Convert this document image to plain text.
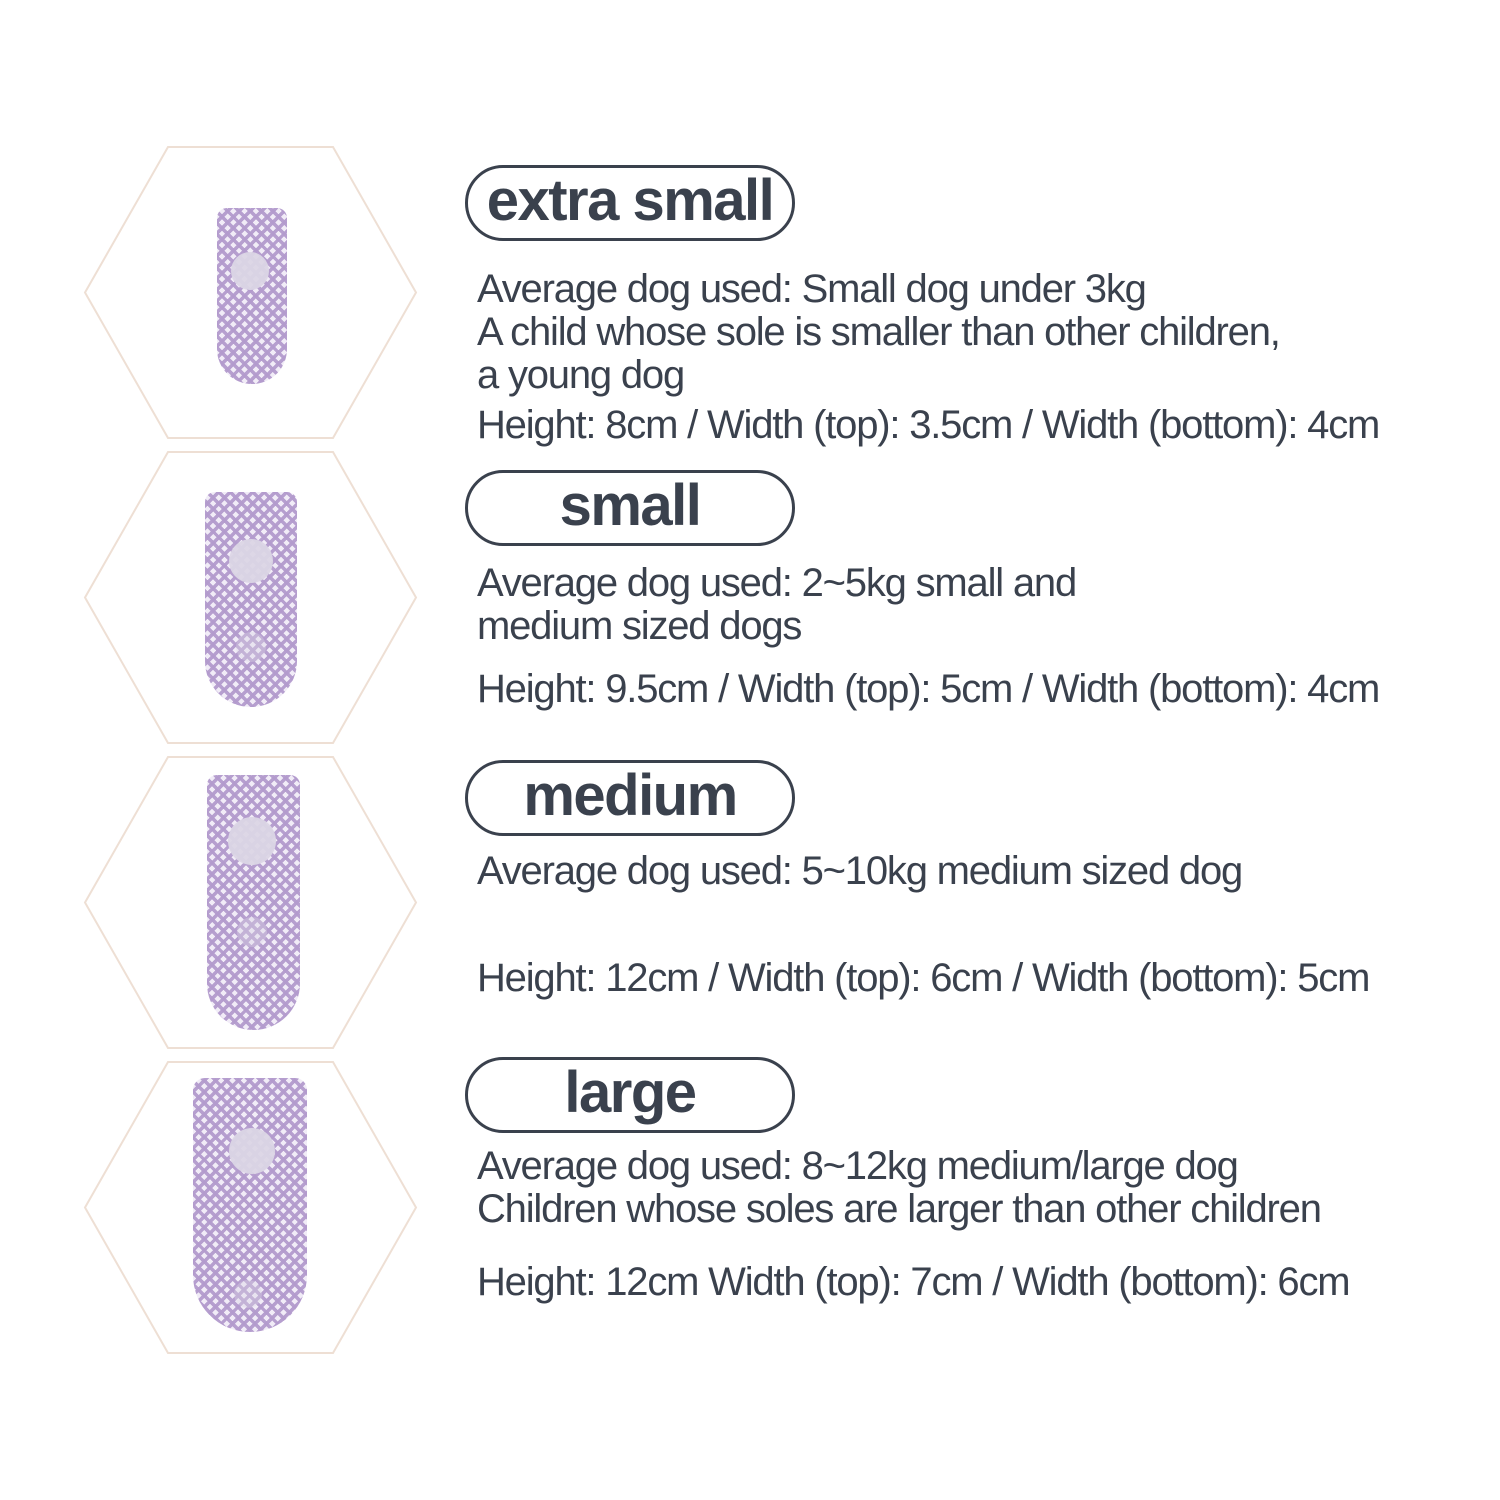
extra small
Average dog used: Small dog under 3kg
A child whose sole is smaller than other children,
a young dog
Height: 8cm / Width (top): 3.5cm / Width (bottom): 4cm
small
Average dog used: 2~5kg small and
medium sized dogs
Height: 9.5cm / Width (top): 5cm / Width (bottom): 4cm
medium
Average dog used: 5~10kg medium sized dog
Height: 12cm / Width (top): 6cm / Width (bottom): 5cm
large
Average dog used: 8~12kg medium/large dog
Children whose soles are larger than other children
Height: 12cm Width (top): 7cm / Width (bottom): 6cm
